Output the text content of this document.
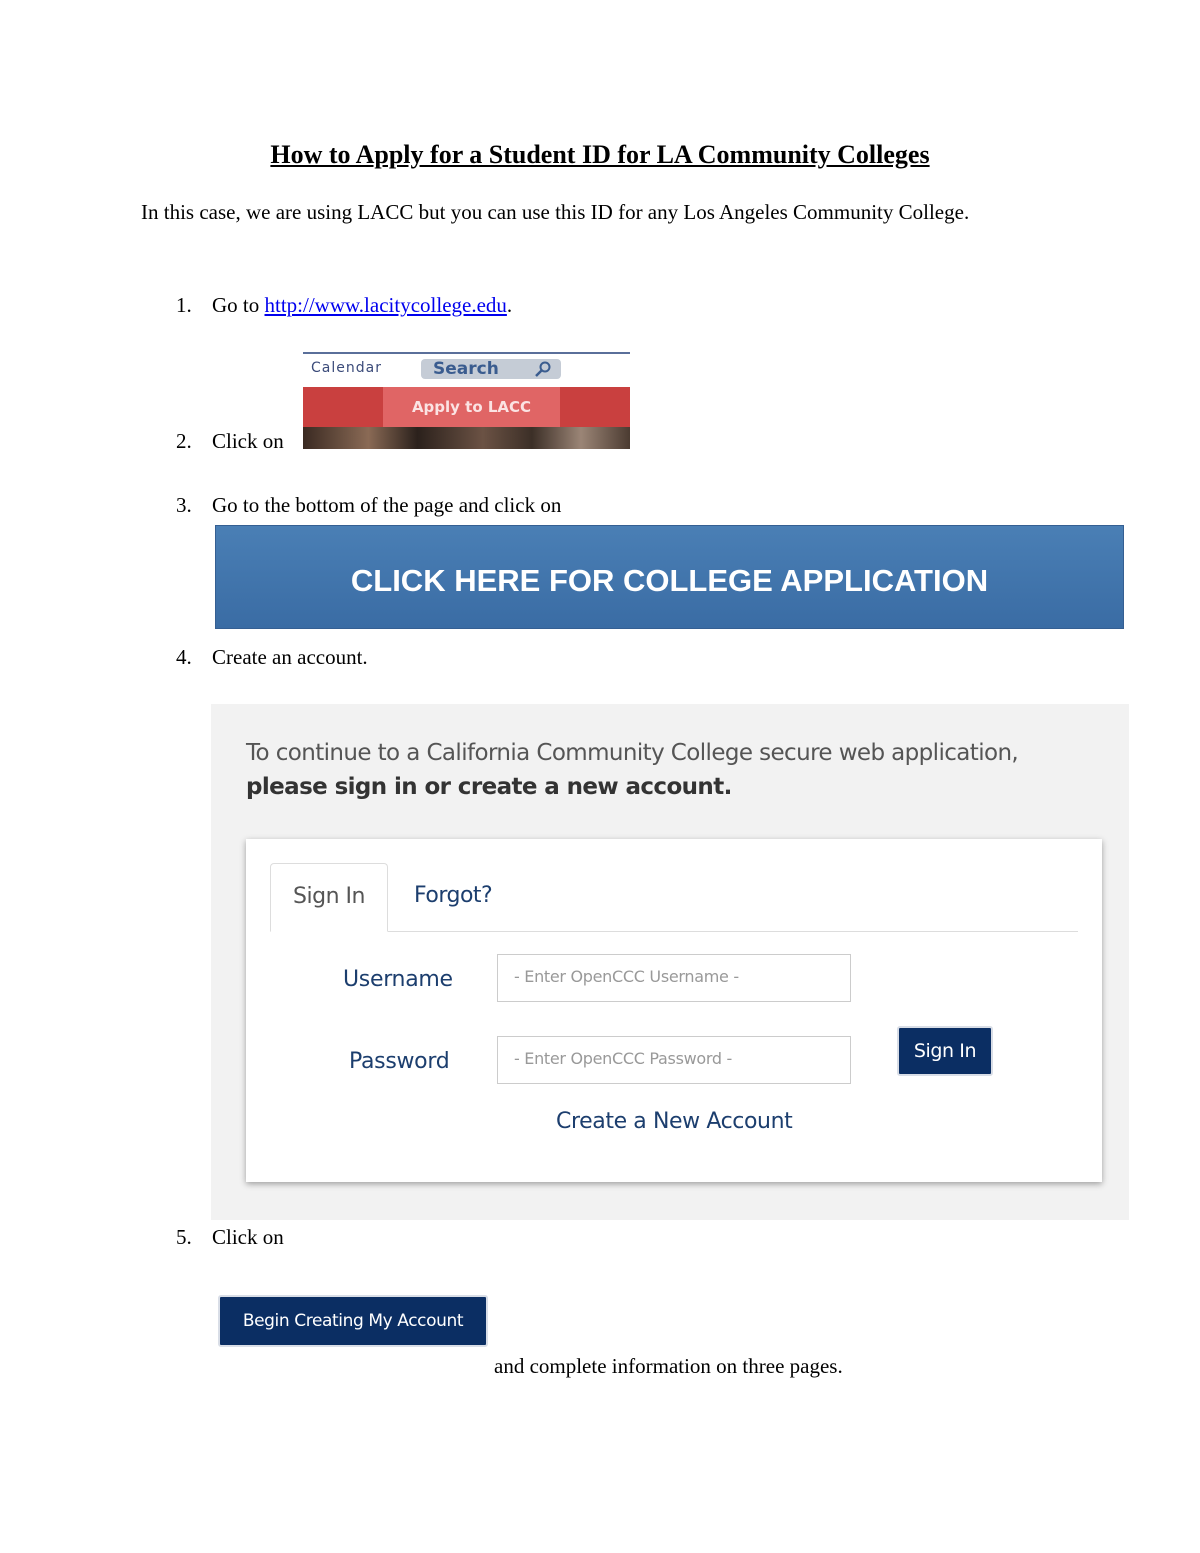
How to Apply for a Student ID for LA Community Colleges
In this case, we are using LACC but you can use this ID for any Los Angeles Community College.
1. Go to http://www.lacitycollege.edu.
Calendar	Search
Apply to LACC
2. Click on
3. Go to the bottom of the page and click on
CLICK HERE FOR COLLEGE APPLICATION
4. Create an account.
To continue to a California Community College secure web application, please sign in or create a new account.
Sign In	Forgot?
Username	- Enter OpenCCC Username -
Password	- Enter OpenCCC Password -	Sign In
Create a New Account
5. Click on
Begin Creating My Account
and complete information on three pages.
